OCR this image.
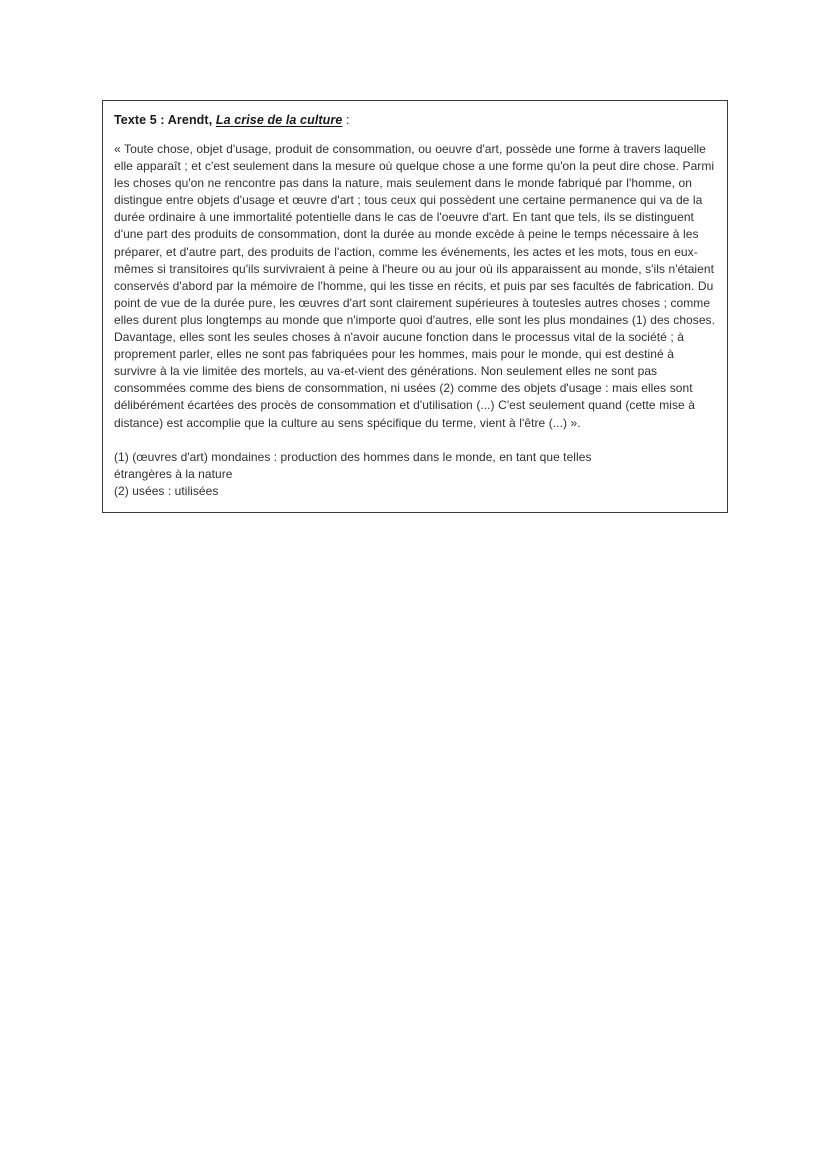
Texte 5 : Arendt, La crise de la culture :

« Toute chose, objet d'usage, produit de consommation, ou oeuvre d'art, possède une forme à travers laquelle elle apparaît ; et c'est seulement dans la mesure où quelque chose a une forme qu'on la peut dire chose. Parmi les choses qu'on ne rencontre pas dans la nature, mais seulement dans le monde fabriqué par l'homme, on distingue entre objets d'usage et œuvre d'art ; tous ceux qui possèdent une certaine permanence qui va de la durée ordinaire à une immortalité potentielle dans le cas de l'oeuvre d'art. En tant que tels, ils se distinguent d'une part des produits de consommation, dont la durée au monde excède à peine le temps nécessaire à les préparer, et d'autre part, des produits de l'action, comme les événements, les actes et les mots, tous en eux-mêmes si transitoires qu'ils survivraient à peine à l'heure ou au jour où ils apparaissent au monde, s'ils n'étaient conservés d'abord par la mémoire de l'homme, qui les tisse en récits, et puis par ses facultés de fabrication. Du point de vue de la durée pure, les œuvres d'art sont clairement supérieures à toutesles autres choses ; comme elles durent plus longtemps au monde que n'importe quoi d'autres, elle sont les plus mondaines (1) des choses. Davantage, elles sont les seules choses à n'avoir aucune fonction dans le processus vital de la société ; à proprement parler, elles ne sont pas fabriquées pour les hommes, mais pour le monde, qui est destiné à survivre à la vie limitée des mortels, au va-et-vient des générations. Non seulement elles ne sont pas consommées comme des biens de consommation, ni usées (2) comme des objets d'usage : mais elles sont délibérément écartées des procès de consommation et d'utilisation (...) C'est seulement quand (cette mise à distance) est accomplie que la culture au sens spécifique du terme, vient à l'être (...) ».

(1) (œuvres d'art) mondaines : production des hommes dans le monde, en tant que telles
étrangères à la nature
(2) usées : utilisées
